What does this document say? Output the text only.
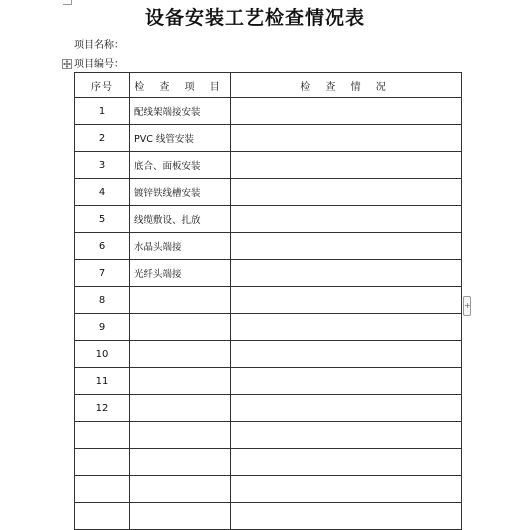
设备安装工艺检查情况表
项目名称：
项目编号：
序号	检 查 项 目	检 查 情 况
1	配线架端接安装	
2	PVC 线管安装	
3	底合、面板安装	
4	镀锌铁线槽安装	
5	线缆敷设、扎放	
6	水晶头端接	
7	光纤头端接	
8		
9		
10		
11		
12		

+
